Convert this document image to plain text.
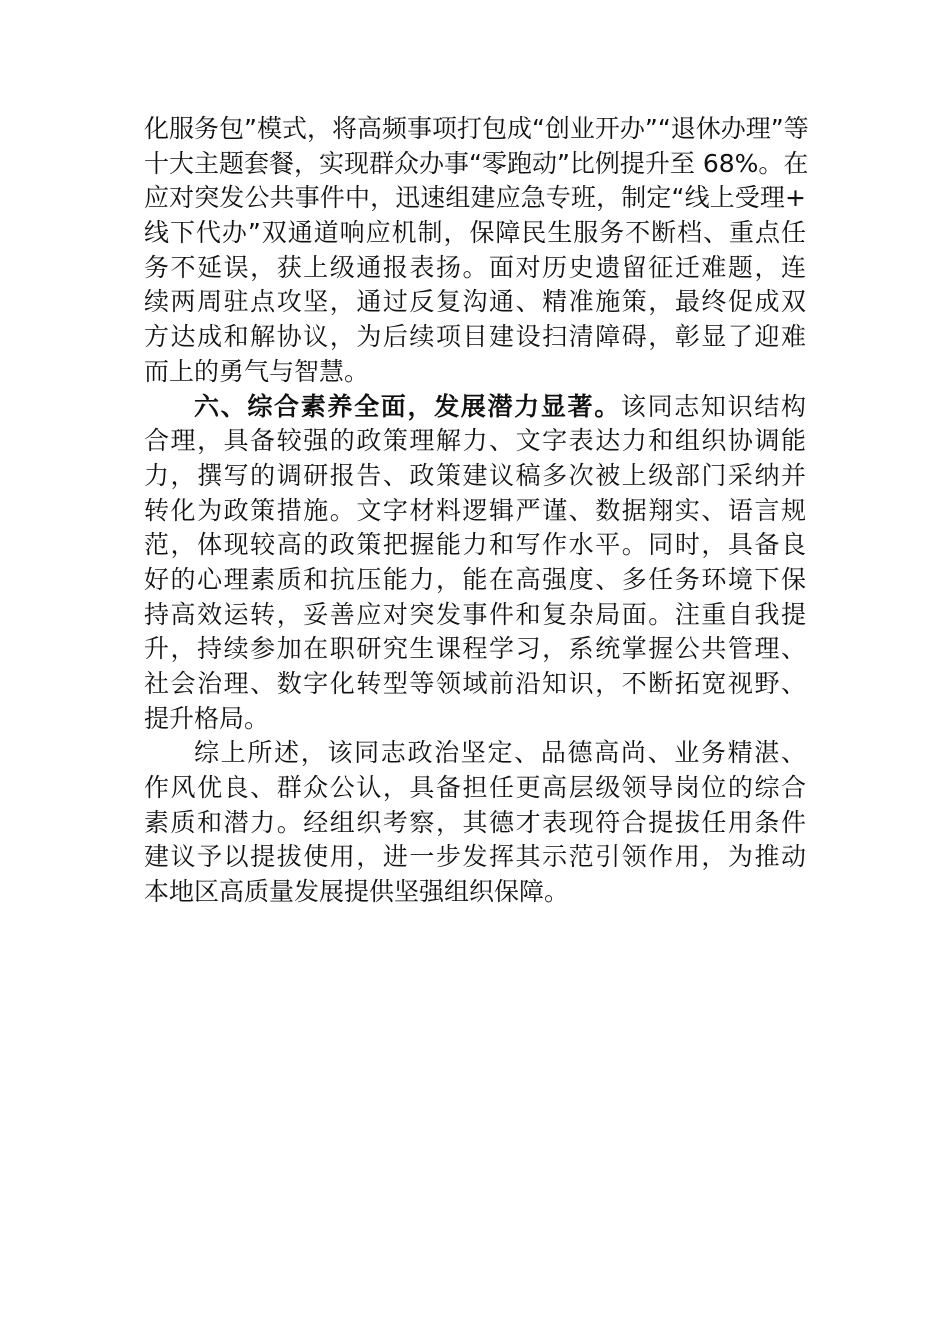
化服务包”模式，将高频事项打包成“创业开办”“退休办理”等
十大主题套餐，实现群众办事“零跑动”比例提升至 68%。在
应对突发公共事件中，迅速组建应急专班，制定“线上受理+
线下代办”双通道响应机制，保障民生服务不断档、重点任
务不延误，获上级通报表扬。面对历史遗留征迁难题，连
续两周驻点攻坚，通过反复沟通、精准施策，最终促成双
方达成和解协议，为后续项目建设扫清障碍，彰显了迎难
而上的勇气与智慧。
六、综合素养全面，发展潜力显著。该同志知识结构
合理，具备较强的政策理解力、文字表达力和组织协调能
力，撰写的调研报告、政策建议稿多次被上级部门采纳并
转化为政策措施。文字材料逻辑严谨、数据翔实、语言规
范，体现较高的政策把握能力和写作水平。同时，具备良
好的心理素质和抗压能力，能在高强度、多任务环境下保
持高效运转，妥善应对突发事件和复杂局面。注重自我提
升，持续参加在职研究生课程学习，系统掌握公共管理、
社会治理、数字化转型等领域前沿知识，不断拓宽视野、
提升格局。
综上所述，该同志政治坚定、品德高尚、业务精湛、
作风优良、群众公认，具备担任更高层级领导岗位的综合
素质和潜力。经组织考察，其德才表现符合提拔任用条件
建议予以提拔使用，进一步发挥其示范引领作用，为推动
本地区高质量发展提供坚强组织保障。
